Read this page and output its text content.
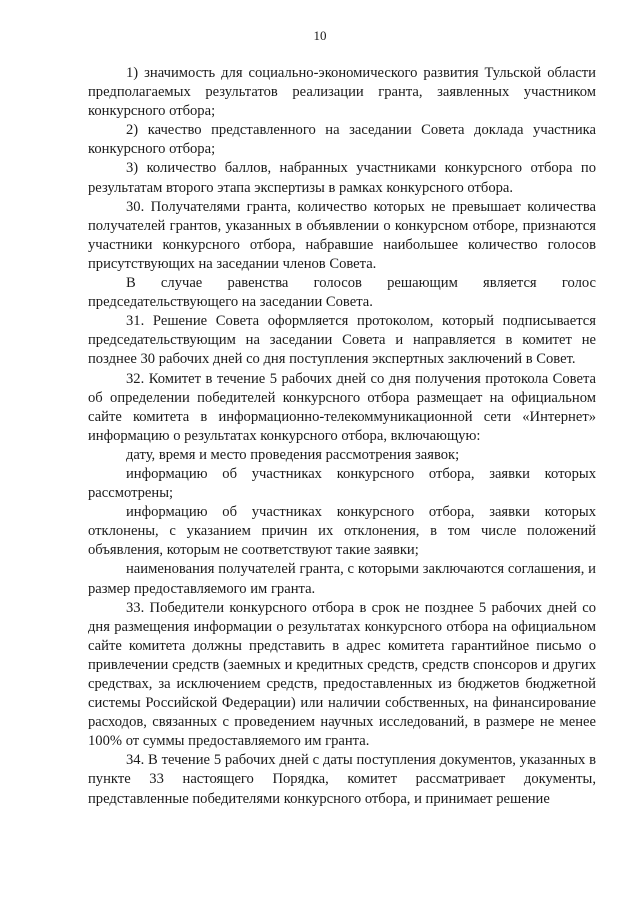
10

1) значимость для социально-экономического развития Тульской области предполагаемых результатов реализации гранта, заявленных участником конкурсного отбора;

2) качество представленного на заседании Совета доклада участника конкурсного отбора;

3) количество баллов, набранных участниками конкурсного отбора по результатам второго этапа экспертизы в рамках конкурсного отбора.

30. Получателями гранта, количество которых не превышает количества получателей грантов, указанных в объявлении о конкурсном отборе, признаются участники конкурсного отбора, набравшие наибольшее количество голосов присутствующих на заседании членов Совета.

В случае равенства голосов решающим является голос председательствующего на заседании Совета.

31. Решение Совета оформляется протоколом, который подписывается председательствующим на заседании Совета и направляется в комитет не позднее 30 рабочих дней со дня поступления экспертных заключений в Совет.

32. Комитет в течение 5 рабочих дней со дня получения протокола Совета об определении победителей конкурсного отбора размещает на официальном сайте комитета в информационно-телекоммуникационной сети «Интернет» информацию о результатах конкурсного отбора, включающую:

дату, время и место проведения рассмотрения заявок;

информацию об участниках конкурсного отбора, заявки которых рассмотрены;

информацию об участниках конкурсного отбора, заявки которых отклонены, с указанием причин их отклонения, в том числе положений объявления, которым не соответствуют такие заявки;

наименования получателей гранта, с которыми заключаются соглашения, и размер предоставляемого им гранта.

33. Победители конкурсного отбора в срок не позднее 5 рабочих дней со дня размещения информации о результатах конкурсного отбора на официальном сайте комитета должны представить в адрес комитета гарантийное письмо о привлечении средств (заемных и кредитных средств, средств спонсоров и других средствах, за исключением средств, предоставленных из бюджетов бюджетной системы Российской Федерации) или наличии собственных, на финансирование расходов, связанных с проведением научных исследований, в размере не менее 100% от суммы предоставляемого им гранта.

34. В течение 5 рабочих дней с даты поступления документов, указанных в пункте 33 настоящего Порядка, комитет рассматривает документы, представленные победителями конкурсного отбора, и принимает решение
